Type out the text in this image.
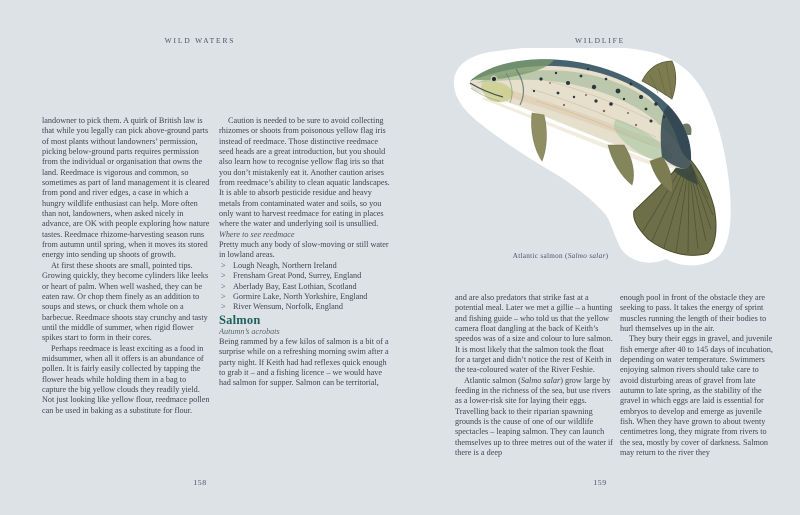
WILD WATERS	WILDLIFE

landowner to pick them. A quirk of British law is that while you legally can pick above-ground parts of most plants without landowners’ permission, picking below-ground parts requires permission from the individual or organisation that owns the land. Reedmace is vigorous and common, so sometimes as part of land management it is cleared from pond and river edges, a case in which a hungry wildlife enthusiast can help. More often than not, landowners, when asked nicely in advance, are OK with people exploring how nature tastes. Reedmace rhizome-harvesting season runs from autumn until spring, when it moves its stored energy into sending up shoots of growth.

At first these shoots are small, pointed tips. Growing quickly, they become cylinders like leeks or heart of palm. When well washed, they can be eaten raw. Or chop them finely as an addition to soups and stews, or chuck them whole on a barbecue. Reedmace shoots stay crunchy and tasty until the middle of summer, when rigid flower spikes start to form in their cores.

Perhaps reedmace is least exciting as a food in midsummer, when all it offers is an abundance of pollen. It is fairly easily collected by tapping the flower heads while holding them in a bag to capture the big yellow clouds they readily yield. Not just looking like yellow flour, reedmace pollen can be used in baking as a substitute for flour.

Caution is needed to be sure to avoid collecting rhizomes or shoots from poisonous yellow flag iris instead of reedmace. Those distinctive reedmace seed heads are a great introduction, but you should also learn how to recognise yellow flag iris so that you don’t mistakenly eat it. Another caution arises from reedmace’s ability to clean aquatic landscapes. It is able to absorb pesticide residue and heavy metals from contaminated water and soils, so you only want to harvest reedmace for eating in places where the water and underlying soil is unsullied.

Where to see reedmace

Pretty much any body of slow-moving or still water in lowland areas.

> Lough Neagh, Northern Ireland
> Frensham Great Pond, Surrey, England
> Aberlady Bay, East Lothian, Scotland
> Gormire Lake, North Yorkshire, England
> River Wensum, Norfolk, England

Salmon

Autumn’s acrobats

Being rammed by a few kilos of salmon is a bit of a surprise while on a refreshing morning swim after a party night. If Keith had had reflexes quick enough to grab it – and a fishing licence – we would have had salmon for supper. Salmon can be territorial,

Atlantic salmon (Salmo salar)

and are also predators that strike fast at a potential meal. Later we met a gillie – a hunting and fishing guide – who told us that the yellow camera float dangling at the back of Keith’s speedos was of a size and colour to lure salmon. It is most likely that the salmon took the float for a target and didn’t notice the rest of Keith in the tea-coloured water of the River Feshie.

Atlantic salmon (Salmo salar) grow large by feeding in the richness of the sea, but use rivers as a lower-risk site for laying their eggs. Travelling back to their riparian spawning grounds is the cause of one of our wildlife spectacles – leaping salmon. They can launch themselves up to three metres out of the water if there is a deep

enough pool in front of the obstacle they are seeking to pass. It takes the energy of sprint muscles running the length of their bodies to hurl themselves up in the air.

They bury their eggs in gravel, and juvenile fish emerge after 40 to 145 days of incubation, depending on water temperature. Swimmers enjoying salmon rivers should take care to avoid disturbing areas of gravel from late autumn to late spring, as the stability of the gravel in which eggs are laid is essential for embryos to develop and emerge as juvenile fish. When they have grown to about twenty centimetres long, they migrate from rivers to the sea, mostly by cover of darkness. Salmon may return to the river they

158	159
